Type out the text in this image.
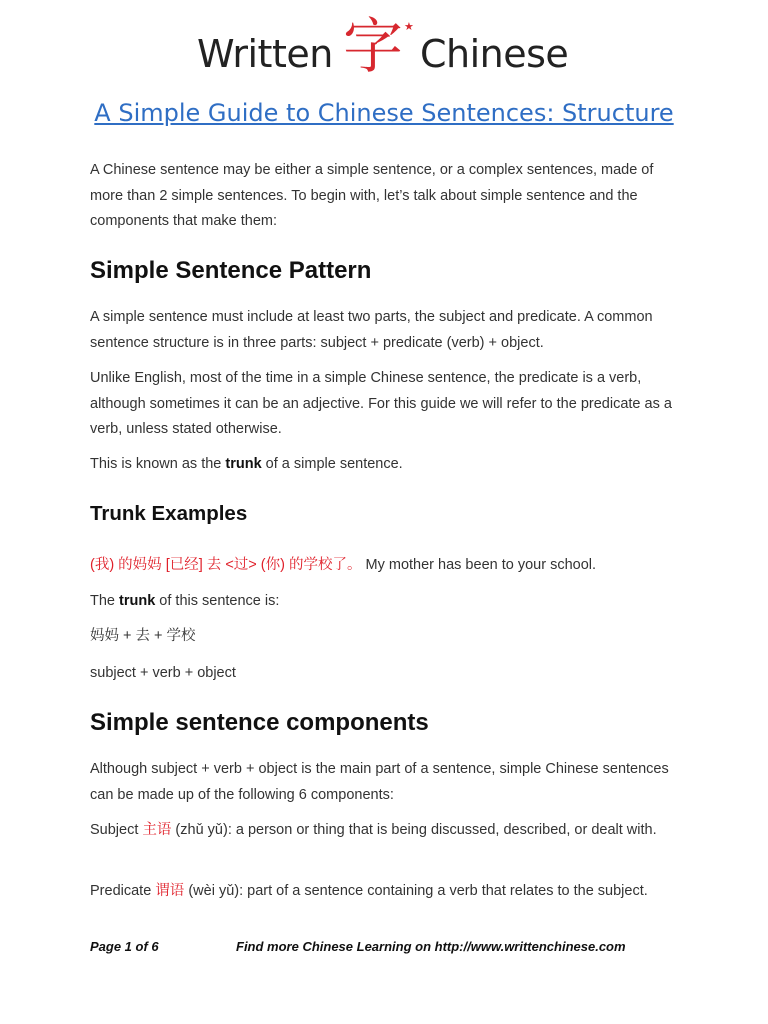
Written 字 ★
Chinese
A Simple Guide to Chinese Sentences: Structure

A Chinese sentence may be either a simple sentence, or a complex sentences, made of more than 2 simple sentences. To begin with, let’s talk about simple sentence and the components that make them:

Simple Sentence Pattern

A simple sentence must include at least two parts, the subject and predicate. A common sentence structure is in three parts: subject + predicate (verb) + object.

Unlike English, most of the time in a simple Chinese sentence, the predicate is a verb, although sometimes it can be an adjective. For this guide we will refer to the predicate as a verb, unless stated otherwise.

This is known as the trunk of a simple sentence.

Trunk Examples

(我) 的妈妈 [已经] 去 <过> (你) 的学校了。 My mother has been to your school.

The trunk of this sentence is:

妈妈 + 去 + 学校

subject + verb + object

Simple sentence components

Although subject + verb + object is the main part of a sentence, simple Chinese sentences can be made up of the following 6 components:

Subject 主语 (zhǔ yǔ): a person or thing that is being discussed, described, or dealt with.

Predicate 谓语 (wèi yǔ): part of a sentence containing a verb that relates to the subject.

Page 1 of 6	Find more Chinese Learning on http://www.writtenchinese.com
